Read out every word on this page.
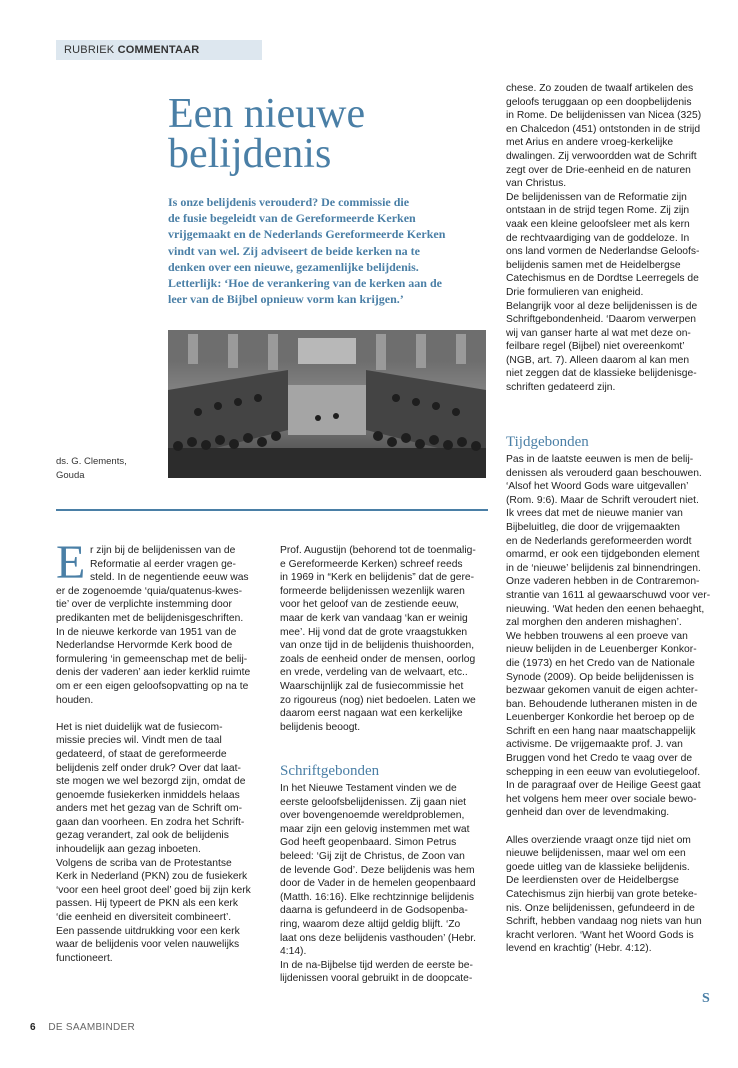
RUBRIEK COMMENTAAR
Een nieuwe
belijdenis
Is onze belijdenis verouderd? De commissie die
de fusie begeleidt van de Gereformeerde Kerken
vrijgemaakt en de Nederlands Gereformeerde Kerken
vindt van wel. Zij adviseert de beide kerken na te
denken over een nieuwe, gezamenlijke belijdenis.
Letterlijk: ‘Hoe de verankering van de kerken aan de
leer van de Bijbel opnieuw vorm kan krijgen.’
ds. G. Clements,
Gouda
E r zijn bij de belijdenissen van de

Reformatie al eerder vragen ge-

steld. In de negentiende eeuw was

er de zogenoemde ‘quia/quatenus-kwes-

tie’ over de verplichte instemming door

predikanten met de belijdenisgeschriften.

In de nieuwe kerkorde van 1951 van de

Nederlandse Hervormde Kerk bood de

formulering ‘in gemeenschap met de belij-

denis der vaderen’ aan ieder kerklid ruimte

om er een eigen geloofsopvatting op na te

houden.

Het is niet duidelijk wat de fusiecom-

missie precies wil. Vindt men de taal

gedateerd, of staat de gereformeerde

belijdenis zelf onder druk? Over dat laat-

ste mogen we wel bezorgd zijn, omdat de

genoemde fusiekerken inmiddels helaas

anders met het gezag van de Schrift om-

gaan dan voorheen. En zodra het Schrift-

gezag verandert, zal ook de belijdenis

inhoudelijk aan gezag inboeten.

Volgens de scriba van de Protestantse

Kerk in Nederland (PKN) zou de fusiekerk

‘voor een heel groot deel’ goed bij zijn kerk

passen. Hij typeert de PKN als een kerk

‘die eenheid en diversiteit combineert’.

Een passende uitdrukking voor een kerk

waar de belijdenis voor velen nauwelijks

functioneert.

Prof. Augustijn (behorend tot de toenmalig-

e Gereformeerde Kerken) schreef reeds

in 1969 in “Kerk en belijdenis” dat de gere-

formeerde belijdenissen wezenlijk waren

voor het geloof van de zestiende eeuw,

maar de kerk van vandaag ‘kan er weinig

mee’. Hij vond dat de grote vraagstukken

van onze tijd in de belijdenis thuishoorden,

zoals de eenheid onder de mensen, oorlog

en vrede, verdeling van de welvaart, etc..

Waarschijnlijk zal de fusiecommissie het

zo rigoureus (nog) niet bedoelen. Laten we

daarom eerst nagaan wat een kerkelijke

belijdenis beoogt.

Schriftgebonden

In het Nieuwe Testament vinden we de

eerste geloofsbelijdenissen. Zij gaan niet

over bovengenoemde wereldproblemen,

maar zijn een gelovig instemmen met wat

God heeft geopenbaard. Simon Petrus

beleed: ‘Gij zijt de Christus, de Zoon van

de levende God’. Deze belijdenis was hem

door de Vader in de hemelen geopenbaard

(Matth. 16:16). Elke rechtzinnige belijdenis

daarna is gefundeerd in de Godsopenba-

ring, waarom deze altijd geldig blijft. ‘Zo

laat ons deze belijdenis vasthouden’ (Hebr.

4:14).

In de na-Bijbelse tijd werden de eerste be-

lijdenissen vooral gebruikt in de doopcate-

chese. Zo zouden de twaalf artikelen des

geloofs teruggaan op een doopbelijdenis

in Rome. De belijdenissen van Nicea (325)

en Chalcedon (451) ontstonden in de strijd

met Arius en andere vroeg-kerkelijke

dwalingen. Zij verwoordden wat de Schrift

zegt over de Drie-eenheid en de naturen

van Christus.

De belijdenissen van de Reformatie zijn

ontstaan in de strijd tegen Rome. Zij zijn

vaak een kleine geloofsleer met als kern

de rechtvaardiging van de goddeloze. In

ons land vormen de Nederlandse Geloofs-

belijdenis samen met de Heidelbergse

Catechismus en de Dordtse Leerregels de

Drie formulieren van enigheid.

Belangrijk voor al deze belijdenissen is de

Schriftgebondenheid. ‘Daarom verwerpen

wij van ganser harte al wat met deze on-

feilbare regel (Bijbel) niet overeenkomt’

(NGB, art. 7). Alleen daarom al kan men

niet zeggen dat de klassieke belijdenisge-

schriften gedateerd zijn.

Tijdgebonden

Pas in de laatste eeuwen is men de belij-

denissen als verouderd gaan beschouwen.

‘Alsof het Woord Gods ware uitgevallen’

(Rom. 9:6). Maar de Schrift veroudert niet.

Ik vrees dat met de nieuwe manier van

Bijbeluitleg, die door de vrijgemaakten

en de Nederlands gereformeerden wordt

omarmd, er ook een tijdgebonden element

in de ‘nieuwe’ belijdenis zal binnendringen.

Onze vaderen hebben in de Contraremon-

strantie van 1611 al gewaarschuwd voor ver-

nieuwing. ‘Wat heden den eenen behaeght,

zal morghen den anderen mishaghen’.

We hebben trouwens al een proeve van

nieuw belijden in de Leuenberger Konkor-

die (1973) en het Credo van de Nationale

Synode (2009). Op beide belijdenissen is

bezwaar gekomen vanuit de eigen achter-

ban. Behoudende lutheranen misten in de

Leuenberger Konkordie het beroep op de

Schrift en een hang naar maatschappelijk

activisme. De vrijgemaakte prof. J. van

Bruggen vond het Credo te vaag over de

schepping in een eeuw van evolutiegeloof.

In de paragraaf over de Heilige Geest gaat

het volgens hem meer over sociale bewo-

genheid dan over de levendmaking.

Alles overziende vraagt onze tijd niet om

nieuwe belijdenissen, maar wel om een

goede uitleg van de klassieke belijdenis.

De leerdiensten over de Heidelbergse

Catechismus zijn hierbij van grote beteke-

nis. Onze belijdenissen, gefundeerd in de

Schrift, hebben vandaag nog niets van hun

kracht verloren. ‘Want het Woord Gods is

levend en krachtig’ (Hebr. 4:12).

S
6 DE SAAMBINDER
